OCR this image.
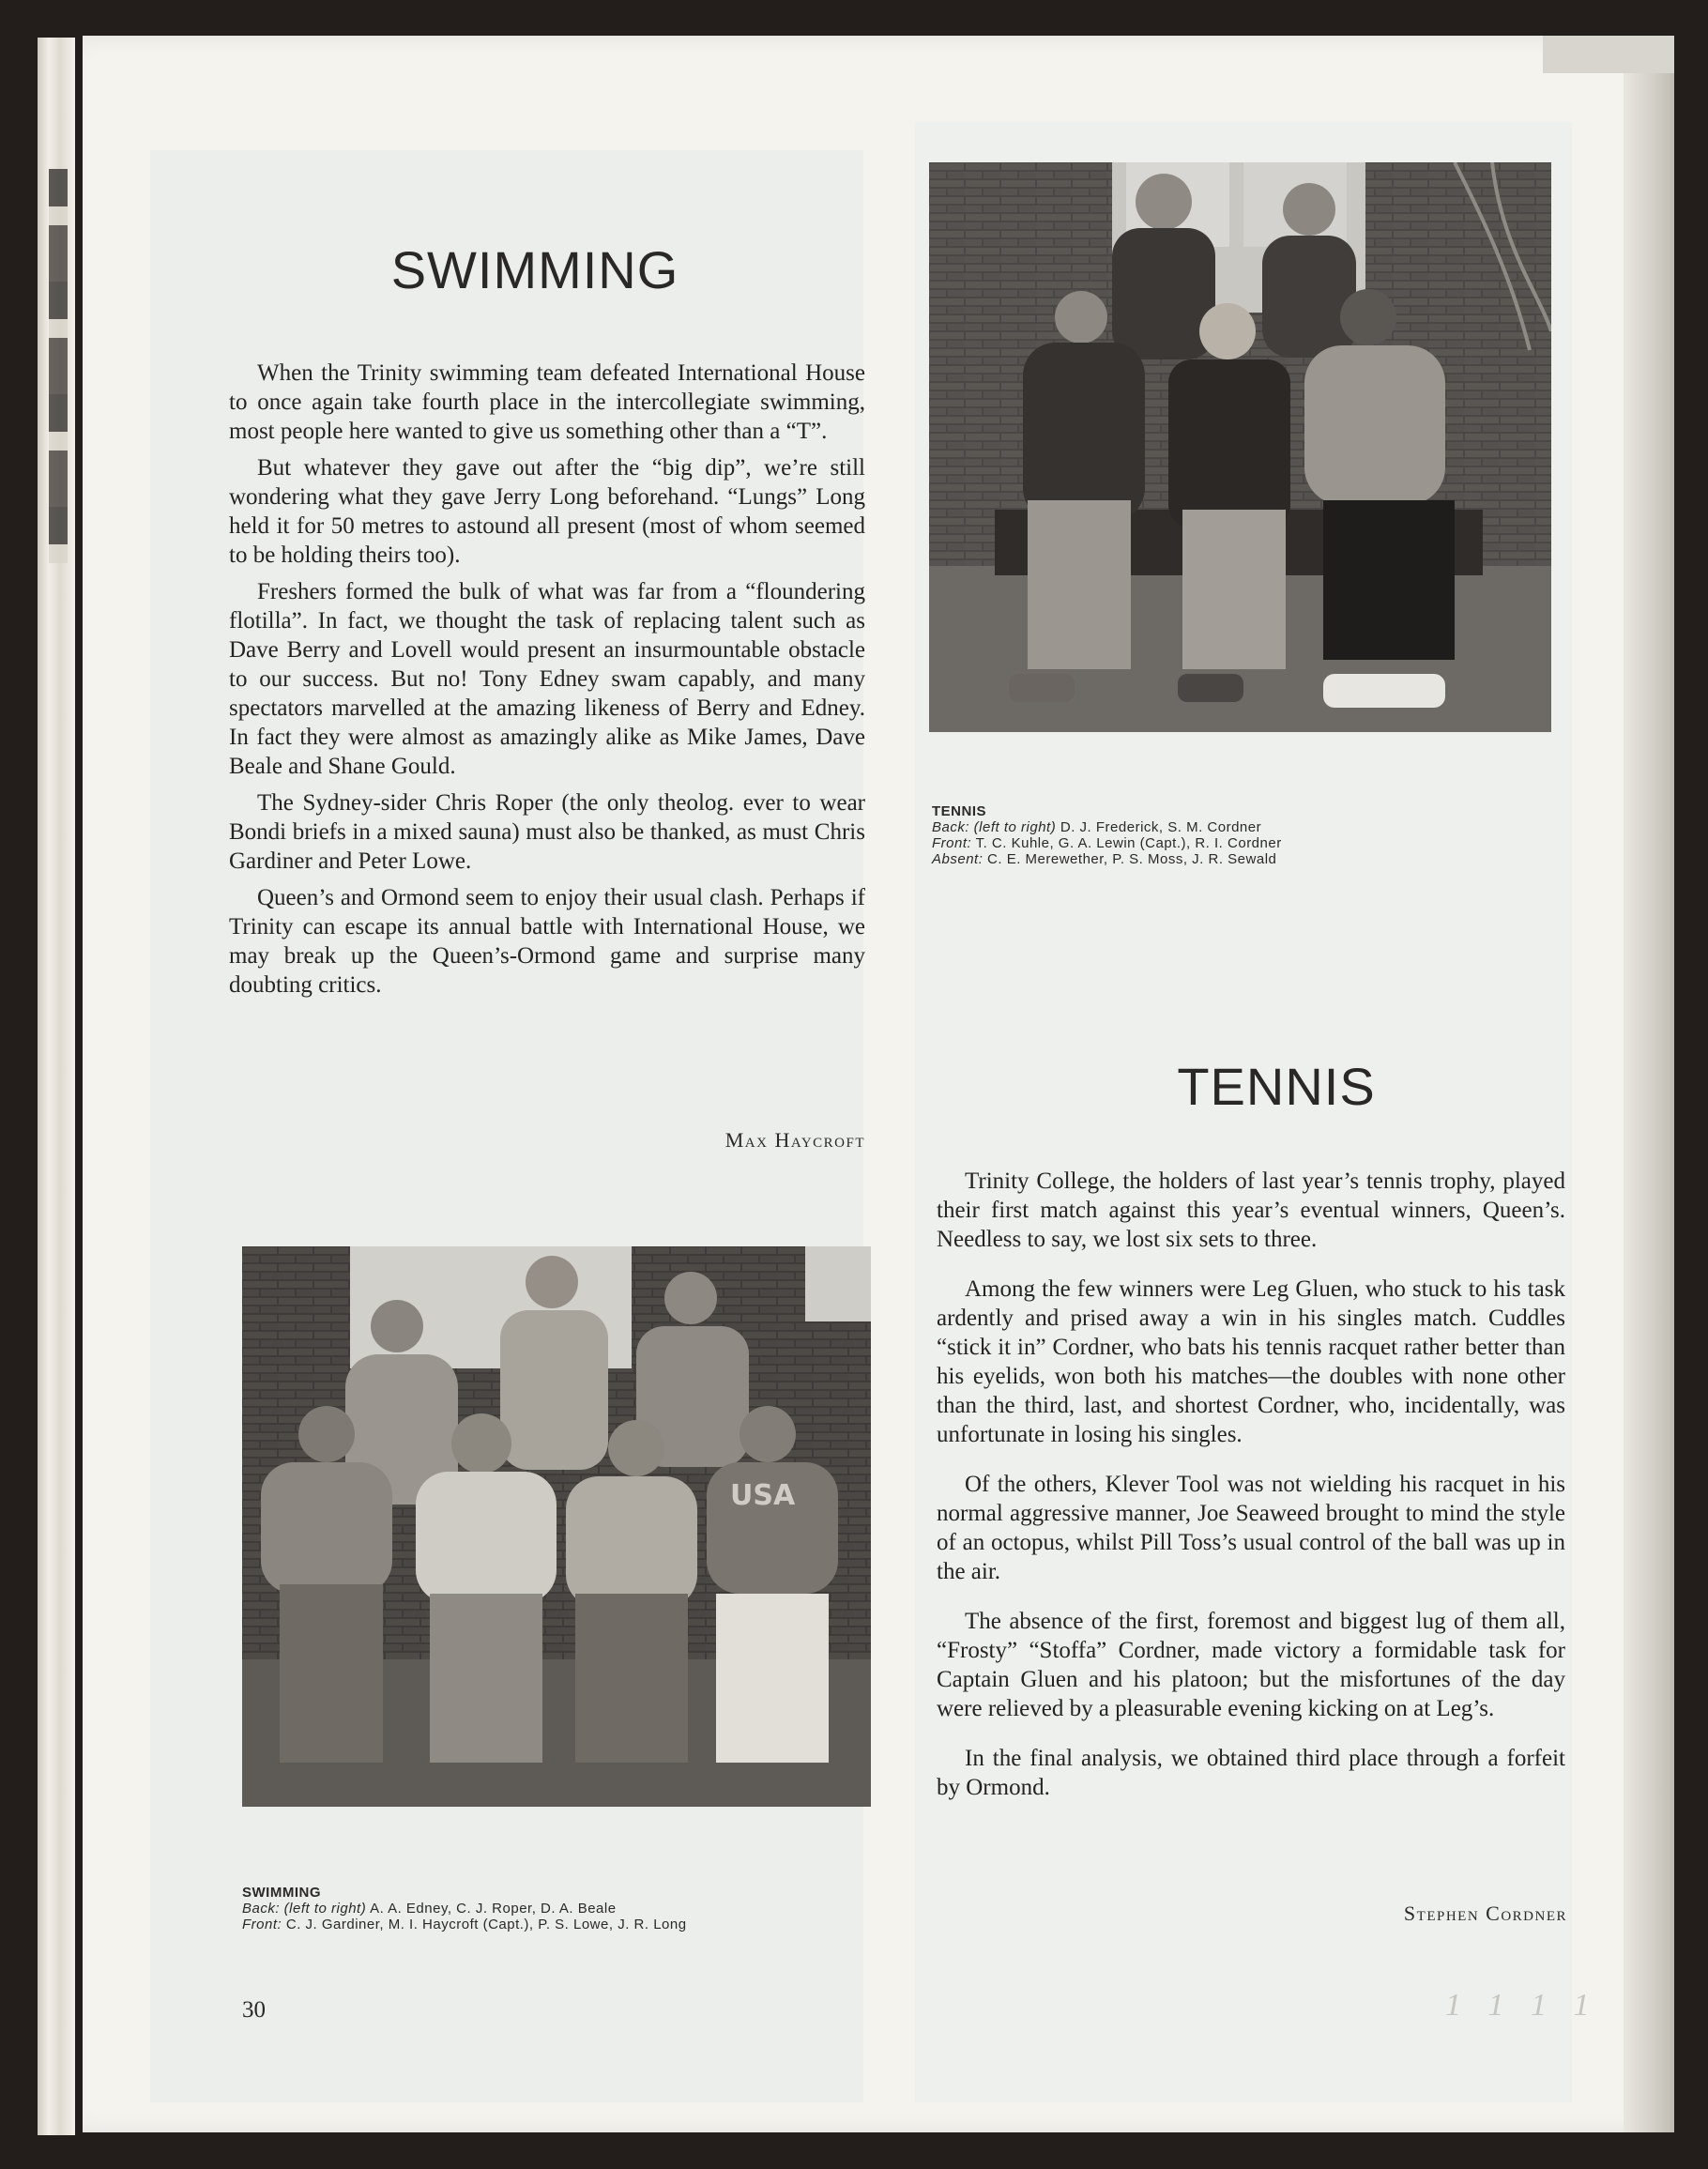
SWIMMING

When the Trinity swimming team defeated International House to once again take fourth place in the intercollegiate swimming, most people here wanted to give us something other than a “T”.

But whatever they gave out after the “big dip”, we’re still wondering what they gave Jerry Long beforehand. “Lungs” Long held it for 50 metres to astound all present (most of whom seemed to be holding theirs too).

Freshers formed the bulk of what was far from a “floundering flotilla”. In fact, we thought the task of replacing talent such as Dave Berry and Lovell would present an insurmountable obstacle to our success. But no! Tony Edney swam capably, and many spectators marvelled at the amazing likeness of Berry and Edney. In fact they were almost as amazingly alike as Mike James, Dave Beale and Shane Gould.

The Sydney-sider Chris Roper (the only theolog. ever to wear Bondi briefs in a mixed sauna) must also be thanked, as must Chris Gardiner and Peter Lowe.

Queen’s and Ormond seem to enjoy their usual clash. Perhaps if Trinity can escape its annual battle with International House, we may break up the Queen’s-Ormond game and surprise many doubting critics.

Max Haycroft
TENNIS
Back: (left to right) D. J. Frederick, S. M. Cordner
Front: T. C. Kuhle, G. A. Lewin (Capt.), R. I. Cordner
Absent: C. E. Merewether, P. S. Moss, J. R. Sewald
TENNIS

Trinity College, the holders of last year’s tennis trophy, played their first match against this year’s eventual winners, Queen’s. Needless to say, we lost six sets to three.

Among the few winners were Leg Gluen, who stuck to his task ardently and prised away a win in his singles match. Cuddles “stick it in” Cordner, who bats his tennis racquet rather better than his eyelids, won both his matches—the doubles with none other than the third, last, and shortest Cordner, who, incidentally, was unfortunate in losing his singles.

Of the others, Klever Tool was not wielding his racquet in his normal aggressive manner, Joe Seaweed brought to mind the style of an octopus, whilst Pill Toss’s usual control of the ball was up in the air.

The absence of the first, foremost and biggest lug of them all, “Frosty” “Stoffa” Cordner, made victory a formidable task for Captain Gluen and his platoon; but the misfortunes of the day were relieved by a pleasurable evening kicking on at Leg’s.

In the final analysis, we obtained third place through a forfeit by Ormond.

Stephen Cordner
USA
SWIMMING
Back: (left to right) A. A. Edney, C. J. Roper, D. A. Beale
Front: C. J. Gardiner, M. I. Haycroft (Capt.), P. S. Lowe, J. R. Long
30	1 1 1 1
